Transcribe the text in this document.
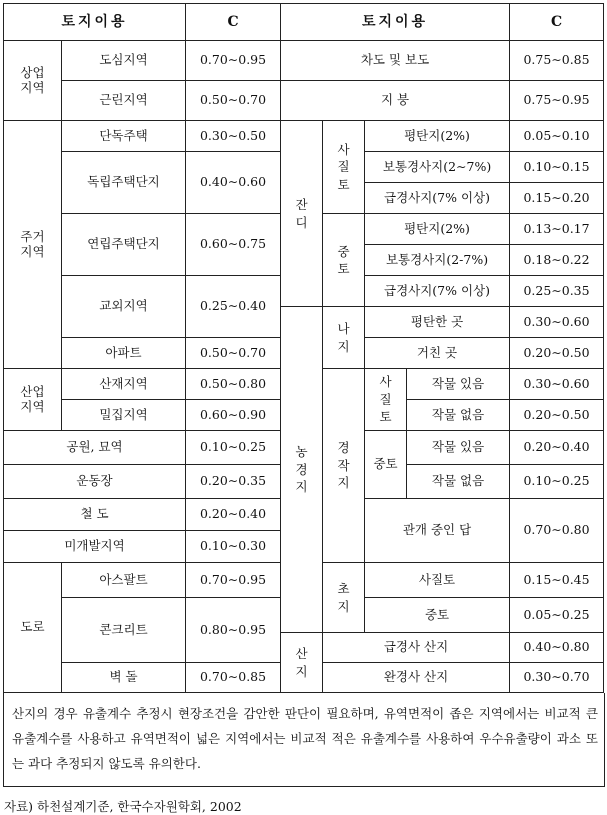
토지이용		C	토지이용				C
상업
지역	도심지역	0.70∼0.95	차도 및 보도				0.75∼0.85
	근린지역	0.50∼0.70	지 붕				0.75∼0.95
주거
지역	단독주택	0.30∼0.50	잔디	사질토	평탄지(2%)		0.05∼0.10
	독립주택단지	0.40∼0.60			보통경사지(2∼7%)		0.10∼0.15
					급경사지(7% 이상)		0.15∼0.20
	연립주택단지	0.60∼0.75		중토	평탄지(2%)		0.13∼0.17
					보통경사지(2-7%)		0.18∼0.22
	교외지역	0.25∼0.40			급경사지(7% 이상)		0.25∼0.35
			농경지	나지	평탄한 곳		0.30∼0.60
	아파트	0.50∼0.70			거친 곳		0.20∼0.50
산업
지역	산재지역	0.50∼0.80		경작지	사질토	작물 있음	0.30∼0.60
	밀집지역	0.60∼0.90				작물 없음	0.20∼0.50
공원, 묘역		0.10∼0.25			중토	작물 있음	0.20∼0.40
운동장		0.20∼0.35				작물 없음	0.10∼0.25
철 도		0.20∼0.40			관개 중인 답		0.70∼0.80
미개발지역		0.10∼0.30					
도로	아스팔트	0.70∼0.95		초지	사질토		0.15∼0.45
	콘크리트	0.80∼0.95			중토		0.05∼0.25
			산지	급경사 산지			0.40∼0.80
	벽 돌	0.70∼0.85		완경사 산지			0.30∼0.70
산지의 경우 유출계수 추정시 현장조건을 감안한 판단이 필요하며, 유역면적이 좁은 지역에서는 비교적 큰 유출계수를 사용하고 유역면적이 넓은 지역에서는 비교적 적은 유출계수를 사용하여 우수유출량이 과소 또는 과다 추정되지 않도록 유의한다.
자료) 하천설계기준, 한국수자원학회, 2002
